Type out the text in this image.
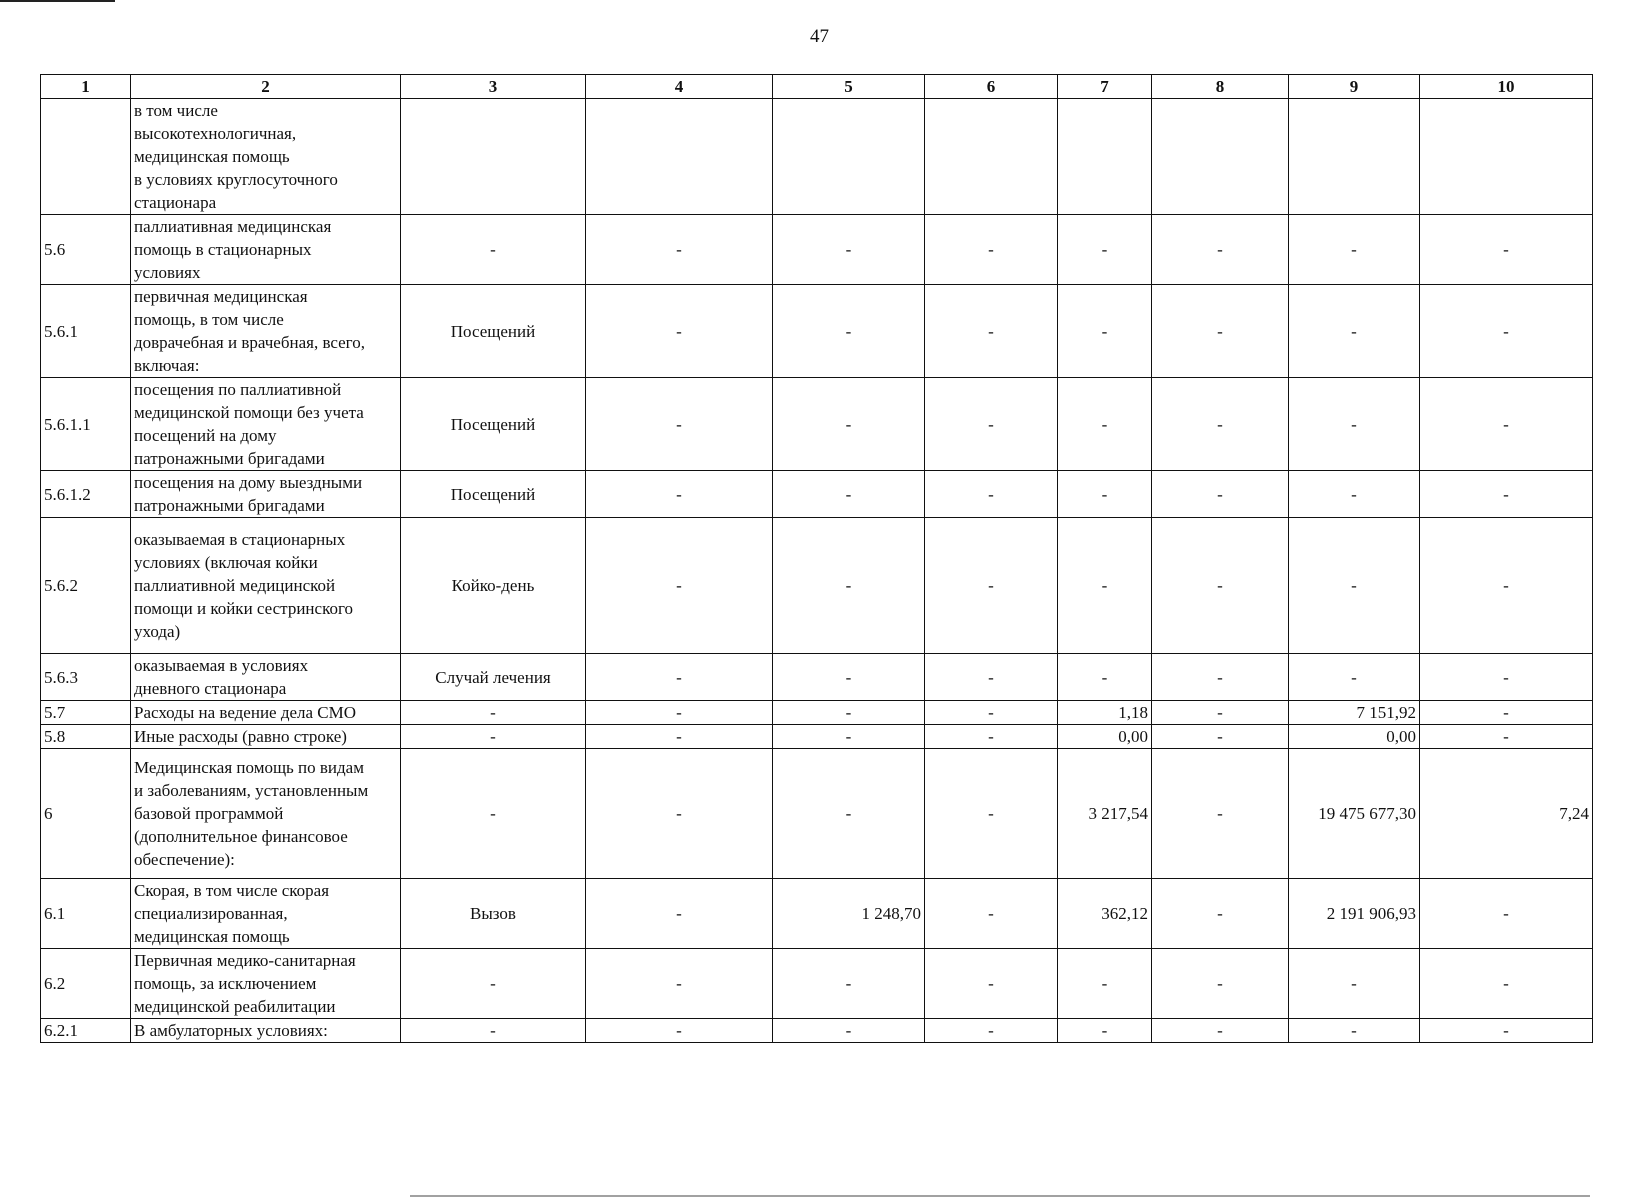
47
1	2	3	4	5	6	7	8	9	10
	в том числе
высокотехнологичная,
медицинская помощь
в условиях круглосуточного
стационара								
5.6	паллиативная медицинская
помощь в стационарных
условиях	-	-	-	-	-	-	-	-
5.6.1	первичная медицинская
помощь, в том числе
доврачебная и врачебная, всего,
включая:	Посещений	-	-	-	-	-	-	-
5.6.1.1	посещения по паллиативной
медицинской помощи без учета
посещений на дому
патронажными бригадами	Посещений	-	-	-	-	-	-	-
5.6.1.2	посещения на дому выездными
патронажными бригадами	Посещений	-	-	-	-	-	-	-
5.6.2	оказываемая в стационарных
условиях (включая койки
паллиативной медицинской
помощи и койки сестринского
ухода)	Койко-день	-	-	-	-	-	-	-
5.6.3	оказываемая в условиях
дневного стационара	Случай лечения	-	-	-	-	-	-	-
5.7	Расходы на ведение дела СМО	-	-	-	-	1,18	-	7 151,92	-
5.8	Иные расходы (равно строке)	-	-	-	-	0,00	-	0,00	-
6	Медицинская помощь по видам
и заболеваниям, установленным
базовой программой
(дополнительное финансовое
обеспечение):	-	-	-	-	3 217,54	-	19 475 677,30	7,24
6.1	Скорая, в том числе скорая
специализированная,
медицинская помощь	Вызов	-	1 248,70	-	362,12	-	2 191 906,93	-
6.2	Первичная медико-санитарная
помощь, за исключением
медицинской реабилитации	-	-	-	-	-	-	-	-
6.2.1	В амбулаторных условиях:	-	-	-	-	-	-	-	-
